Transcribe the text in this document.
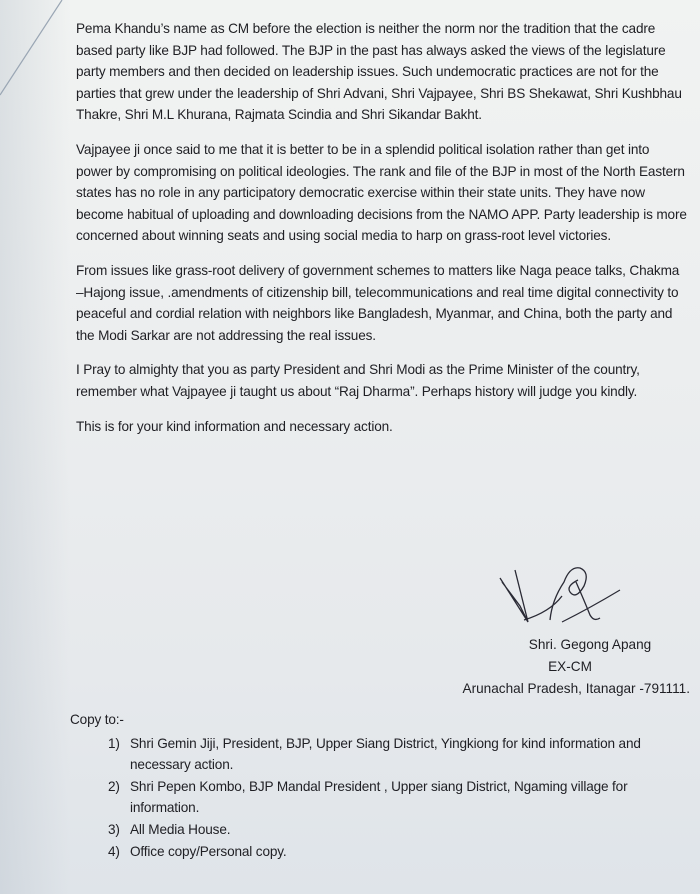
Pema Khandu’s name as CM before the election is neither the norm nor the tradition that the cadre based party like BJP had followed. The BJP in the past has always asked the views of the legislature party members and then decided on leadership issues. Such undemocratic practices are not for the parties that grew under the leadership of Shri Advani, Shri Vajpayee, Shri BS Shekawat, Shri Kushbhau Thakre, Shri M.L Khurana, Rajmata Scindia and Shri Sikandar Bakht.

Vajpayee ji once said to me that it is better to be in a splendid political isolation rather than get into power by compromising on political ideologies. The rank and file of the BJP in most of the North Eastern states has no role in any participatory democratic exercise within their state units. They have now become habitual of uploading and downloading decisions from the NAMO APP. Party leadership is more concerned about winning seats and using social media to harp on grass-root level victories.

From issues like grass-root delivery of government schemes to matters like Naga peace talks, Chakma –Hajong issue, .amendments of citizenship bill, telecommunications and real time digital connectivity to peaceful and cordial relation with neighbors like Bangladesh, Myanmar, and China, both the party and the Modi Sarkar are not addressing the real issues.

I Pray to almighty that you as party President and Shri Modi as the Prime Minister of the country, remember what Vajpayee ji taught us about “Raj Dharma”. Perhaps history will judge you kindly.

This is for your kind information and necessary action.

Shri. Gegong Apang
EX-CM
Arunachal Pradesh, Itanagar -791111.
Copy to:-
1) Shri Gemin Jiji, President, BJP, Upper Siang District, Yingkiong for kind information and necessary action.
2) Shri Pepen Kombo, BJP Mandal President , Upper siang District, Ngaming village for information.
3) All Media House.
4) Office copy/Personal copy.
